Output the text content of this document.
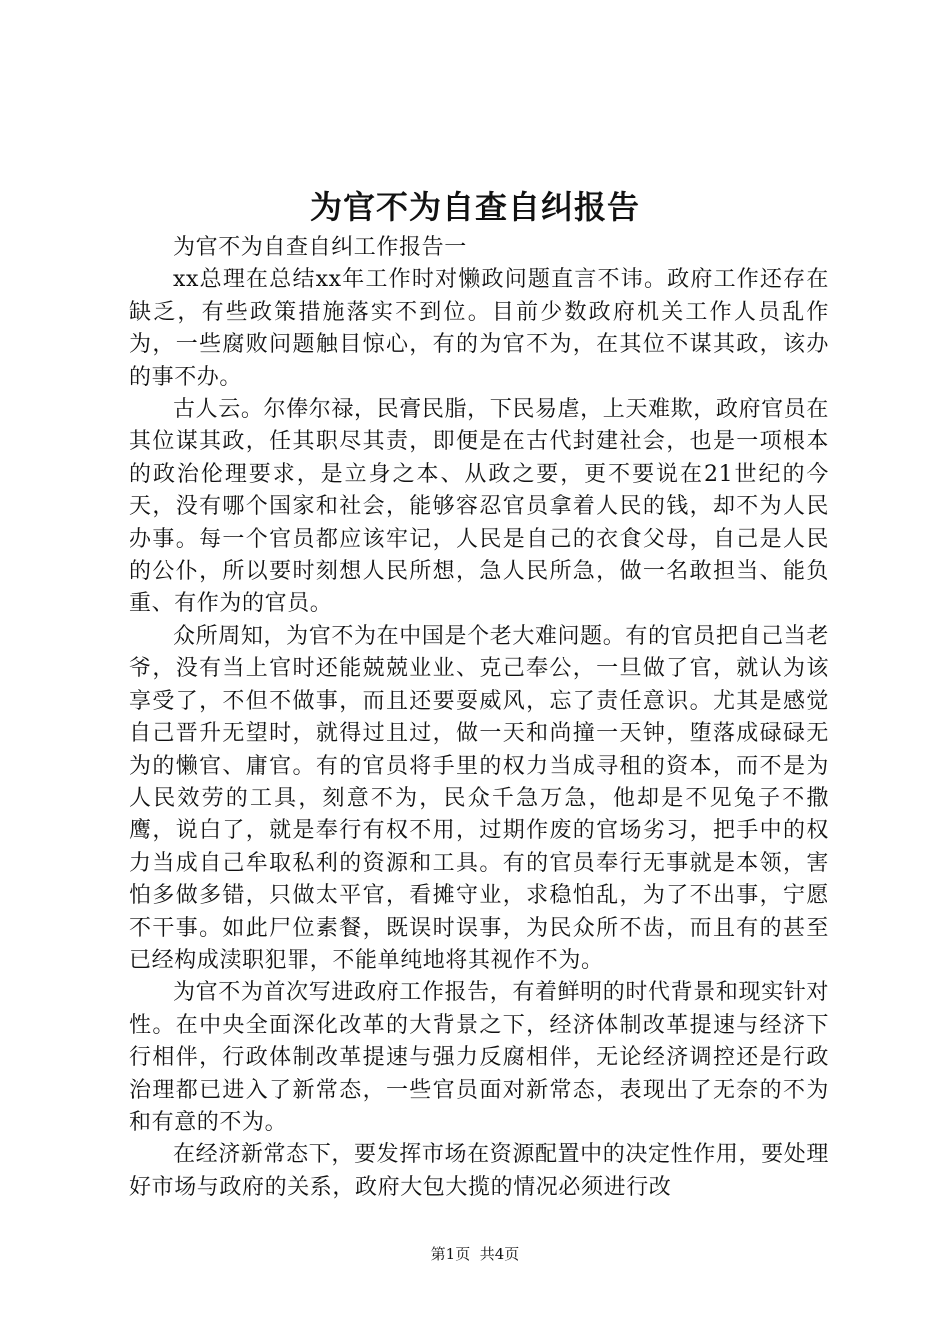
为官不为自查自纠报告

为官不为自查自纠工作报告一

xx总理在总结xx年工作时对懒政问题直言不讳。政府工作还存在缺乏，有些政策措施落实不到位。目前少数政府机关工作人员乱作为，一些腐败问题触目惊心，有的为官不为，在其位不谋其政，该办的事不办。

古人云。尔俸尔禄，民膏民脂，下民易虐，上天难欺，政府官员在其位谋其政，任其职尽其责，即便是在古代封建社会，也是一项根本的政治伦理要求，是立身之本、从政之要，更不要说在21世纪的今天，没有哪个国家和社会，能够容忍官员拿着人民的钱，却不为人民办事。每一个官员都应该牢记，人民是自己的衣食父母，自己是人民的公仆，所以要时刻想人民所想，急人民所急，做一名敢担当、能负重、有作为的官员。

众所周知，为官不为在中国是个老大难问题。有的官员把自己当老爷，没有当上官时还能兢兢业业、克己奉公，一旦做了官，就认为该享受了，不但不做事，而且还要耍威风，忘了责任意识。尤其是感觉自己晋升无望时，就得过且过，做一天和尚撞一天钟，堕落成碌碌无为的懒官、庸官。有的官员将手里的权力当成寻租的资本，而不是为人民效劳的工具，刻意不为，民众千急万急，他却是不见兔子不撒鹰，说白了，就是奉行有权不用，过期作废的官场劣习，把手中的权力当成自己牟取私利的资源和工具。有的官员奉行无事就是本领，害怕多做多错，只做太平官，看摊守业，求稳怕乱，为了不出事，宁愿不干事。如此尸位素餐，既误时误事，为民众所不齿，而且有的甚至已经构成渎职犯罪，不能单纯地将其视作不为。

为官不为首次写进政府工作报告，有着鲜明的时代背景和现实针对性。在中央全面深化改革的大背景之下，经济体制改革提速与经济下行相伴，行政体制改革提速与强力反腐相伴，无论经济调控还是行政治理都已进入了新常态，一些官员面对新常态，表现出了无奈的不为和有意的不为。

在经济新常态下，要发挥市场在资源配置中的决定性作用，要处理好市场与政府的关系，政府大包大揽的情况必须进行改

第1页 共4页
